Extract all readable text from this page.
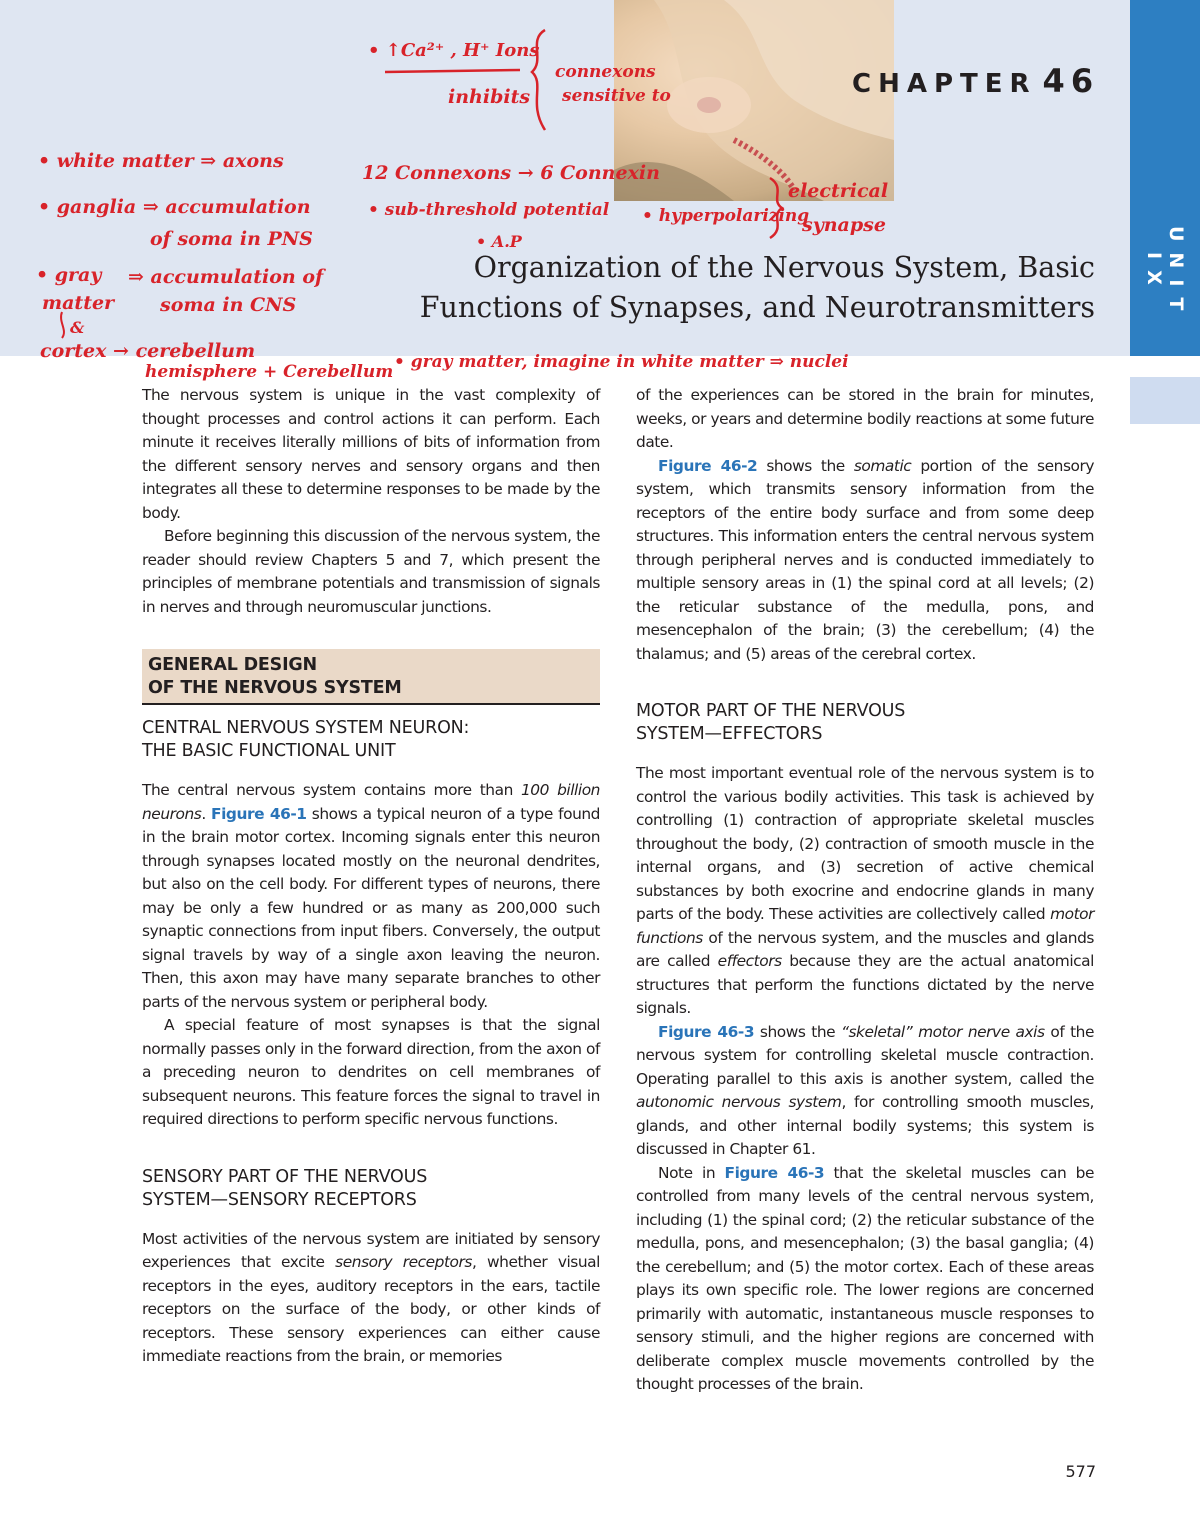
UNIT IX
CHAPTER 46
Organization of the Nervous System, Basic
Functions of Synapses, and Neurotransmitters

The nervous system is unique in the vast complexity of thought processes and control actions it can perform. Each minute it receives literally millions of bits of information from the different sensory nerves and sensory organs and then integrates all these to determine responses to be made by the body.

Before beginning this discussion of the nervous system, the reader should review Chapters 5 and 7, which present the principles of membrane potentials and transmission of signals in nerves and through neuromuscular junctions.

GENERAL DESIGN
OF THE NERVOUS SYSTEM
CENTRAL NERVOUS SYSTEM NEURON:
THE BASIC FUNCTIONAL UNIT

The central nervous system contains more than 100 billion neurons. Figure 46-1 shows a typical neuron of a type found in the brain motor cortex. Incoming signals enter this neuron through synapses located mostly on the neuronal dendrites, but also on the cell body. For different types of neurons, there may be only a few hundred or as many as 200,000 such synaptic connections from input fibers. Conversely, the output signal travels by way of a single axon leaving the neuron. Then, this axon may have many separate branches to other parts of the nervous system or peripheral body.

A special feature of most synapses is that the signal normally passes only in the forward direction, from the axon of a preceding neuron to dendrites on cell membranes of subsequent neurons. This feature forces the signal to travel in required directions to perform specific nervous functions.

SENSORY PART OF THE NERVOUS
SYSTEM—SENSORY RECEPTORS

Most activities of the nervous system are initiated by sensory experiences that excite sensory receptors, whether visual receptors in the eyes, auditory receptors in the ears, tactile receptors on the surface of the body, or other kinds of receptors. These sensory experiences can either cause immediate reactions from the brain, or memories

of the experiences can be stored in the brain for minutes, weeks, or years and determine bodily reactions at some future date.

Figure 46-2 shows the somatic portion of the sensory system, which transmits sensory information from the receptors of the entire body surface and from some deep structures. This information enters the central nervous system through peripheral nerves and is conducted immediately to multiple sensory areas in (1) the spinal cord at all levels; (2) the reticular substance of the medulla, pons, and mesencephalon of the brain; (3) the cerebellum; (4) the thalamus; and (5) areas of the cerebral cortex.

MOTOR PART OF THE NERVOUS
SYSTEM—EFFECTORS

The most important eventual role of the nervous system is to control the various bodily activities. This task is achieved by controlling (1) contraction of appropriate skeletal muscles throughout the body, (2) contraction of smooth muscle in the internal organs, and (3) secretion of active chemical substances by both exocrine and endocrine glands in many parts of the body. These activities are collectively called motor functions of the nervous system, and the muscles and glands are called effectors because they are the actual anatomical structures that perform the functions dictated by the nerve signals.

Figure 46-3 shows the “skeletal” motor nerve axis of the nervous system for controlling skeletal muscle contraction. Operating parallel to this axis is another system, called the autonomic nervous system, for controlling smooth muscles, glands, and other internal bodily systems; this system is discussed in Chapter 61.

Note in Figure 46-3 that the skeletal muscles can be controlled from many levels of the central nervous system, including (1) the spinal cord; (2) the reticular substance of the medulla, pons, and mesencephalon; (3) the basal ganglia; (4) the cerebellum; and (5) the motor cortex. Each of these areas plays its own specific role. The lower regions are concerned primarily with automatic, instantaneous muscle responses to sensory stimuli, and the higher regions are concerned with deliberate complex muscle movements controlled by the thought processes of the brain.

577
• white matter ⇒ axons
• ganglia ⇒ accumulation
of soma in PNS
• gray
matter
&
cortex → cerebellum
⇒ accumulation of
soma in CNS
hemisphere + Cerebellum • gray matter, imagine in white matter ⇒ nuclei
• ↑Ca²⁺ , H⁺ Ions
inhibits
connexons
sensitive to
12 Connexons → 6 Connexin
• sub-threshold potential • hyperpolarizing
• A.P
electrical
synapse
